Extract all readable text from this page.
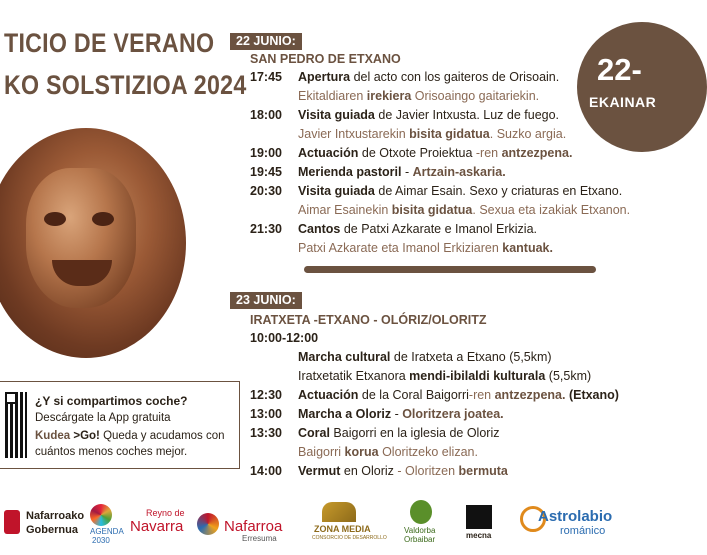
TICIO DE VERANO
KO SOLSTIZIOA 2024	22-
EKAINAR
22 JUNIO:
SAN PEDRO DE ETXANO
17:45 Apertura del acto con los gaiteros de Orisoain.
Ekitaldiaren irekiera Orisoaingo gaitariekin.
18:00 Visita guiada de Javier Intxusta. Luz de fuego.
Javier Intxustarekin bisita gidatua. Suzko argia.
19:00 Actuación de Otxote Proiektua -ren antzezpena.
19:45 Merienda pastoril - Artzain-askaria.
20:30 Visita guiada de Aimar Esain. Sexo y criaturas en Etxano.
Aimar Esainekin bisita gidatua. Sexua eta izakiak Etxanon.
21:30 Cantos de Patxi Azkarate e Imanol Erkizia.
Patxi Azkarate eta Imanol Erkiziaren kantuak.
23 JUNIO:
IRATXETA -ETXANO - OLÓRIZ/OLORITZ
10:00-12:00
Marcha cultural de Iratxeta a Etxano (5,5km)
Iratxetatik Etxanora mendi-ibilaldi kulturala (5,5km)
12:30 Actuación de la Coral Baigorri-ren antzezpena. (Etxano)
13:00 Marcha a Oloriz - Oloritzera joatea.
13:30 Coral Baigorri en la iglesia de Oloriz
Baigorri korua Oloritzeko elizan.
14:00 Vermut en Oloriz - Oloritzen bermuta
¿Y si compartimos coche?
Descárgate la App gratuita
Kudea >Go! Queda y acudamos con
cuántos menos coches mejor.
Nafarroako
Gobernua AGENDA
2030
Reyno de
Navarra	Nafarroa
Erresuma
ZONA MEDIA
CONSORCIO DE DESARROLLO
Valdorba
Orbaibar	mecna
Astrolabio
románico
